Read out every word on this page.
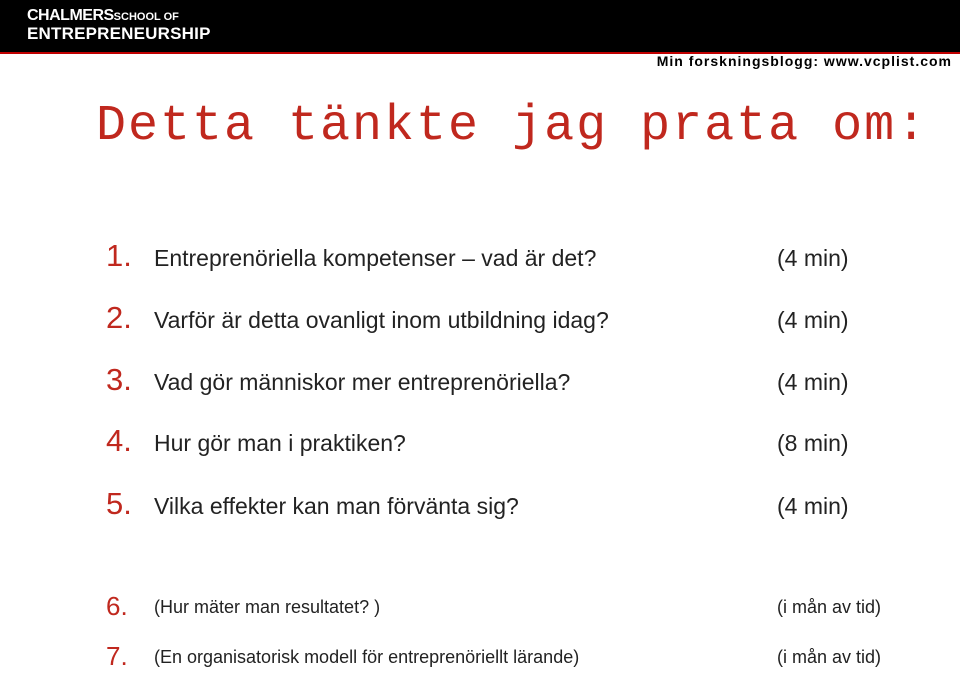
CHALMERSSCHOOL OF
ENTREPRENEURSHIP
Min forskningsblogg: www.vcplist.com
Detta tänkte jag prata om:
1. Entreprenöriella kompetenser – vad är det?	(4 min)
2. Varför är detta ovanligt inom utbildning idag?	(4 min)
3. Vad gör människor mer entreprenöriella?	(4 min)
4. Hur gör man i praktiken?	(8 min)
5. Vilka effekter kan man förvänta sig?	(4 min)
6. (Hur mäter man resultatet? )	(i mån av tid)
7. (En organisatorisk modell för entreprenöriellt lärande)	(i mån av tid)
